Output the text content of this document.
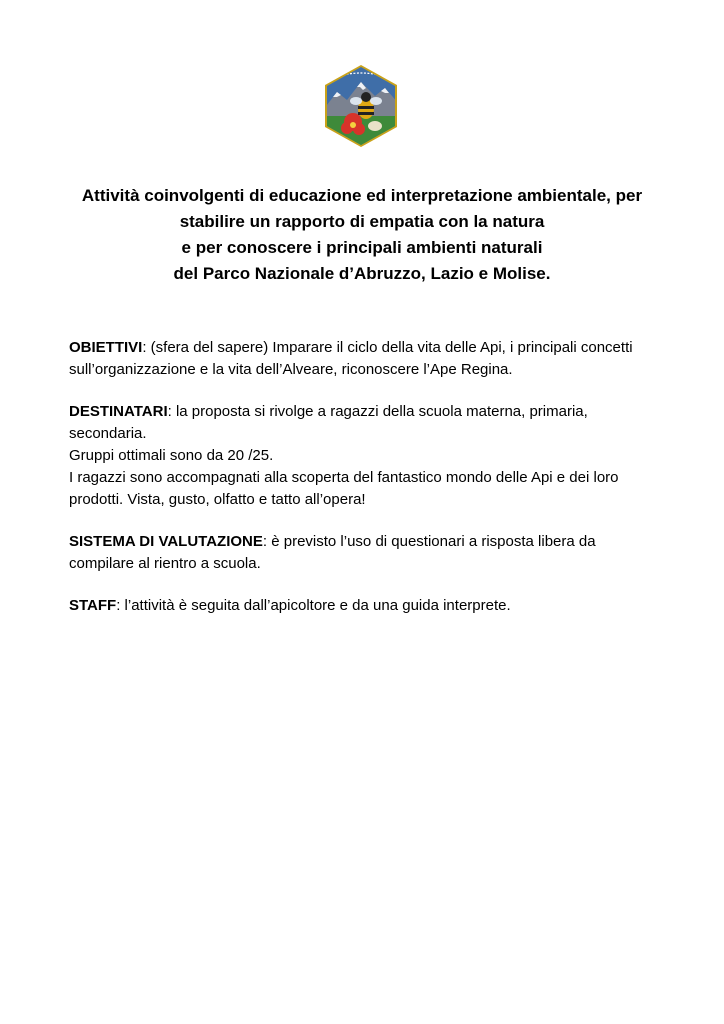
Attività coinvolgenti di educazione ed interpretazione ambientale, per
stabilire un rapporto di empatia con la natura
e per conoscere i principali ambienti naturali
del Parco Nazionale d’Abruzzo, Lazio e Molise.
OBIETTIVI: (sfera del sapere) Imparare il ciclo della vita delle Api, i principali concetti
sull’organizzazione e la vita dell’Alveare, riconoscere l’Ape Regina.
DESTINATARI: la proposta si rivolge a ragazzi della scuola materna, primaria,
secondaria.
Gruppi ottimali sono da 20 /25.
I ragazzi sono accompagnati alla scoperta del fantastico mondo delle Api e dei loro
prodotti. Vista, gusto, olfatto e tatto all’opera!
SISTEMA DI VALUTAZIONE: è previsto l’uso di questionari a risposta libera da
compilare al rientro a scuola.
STAFF: l’attività è seguita dall’apicoltore e da una guida interprete.
